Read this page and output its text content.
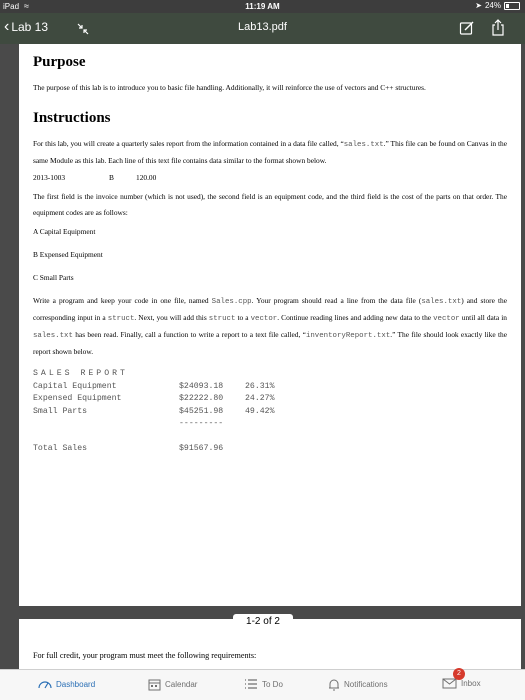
iPad ≈	11:19 AM	➤ 24%
‹ Lab 13	Lab13.pdf
Purpose

The purpose of this lab is to introduce you to basic file handling. Additionally, it will reinforce the use of vectors and C++ structures.

Instructions

For this lab, you will create a quarterly sales report from the information contained in a data file called, “sales.txt.” This file can be found on Canvas in the same Module as this lab. Each line of this text file contains data similar to the format shown below.

2013-1003	B	120.00

The first field is the invoice number (which is not used), the second field is an equipment code, and the third field is the cost of the parts on that order. The equipment codes are as follows:

A Capital Equipment

B Expensed Equipment

C Small Parts

Write a program and keep your code in one file, named Sales.cpp. Your program should read a line from the data file (sales.txt) and store the corresponding input in a struct. Next, you will add this struct to a vector. Continue reading lines and adding new data to the vector until all data in sales.txt has been read. Finally, call a function to write a report to a text file called, “inventoryReport.txt.” The file should look exactly like the report shown below.

SALES REPORT
Capital Equipment	$24093.18	26.31%
Expensed Equipment	$22222.80	24.27%
Small Parts	$45251.98	49.42%
---------
Total Sales	$91567.96
For full credit, your program must meet the following requirements:
1-2 of 2
Dashboard	Calendar	To Do	Notifications	Inbox
2
